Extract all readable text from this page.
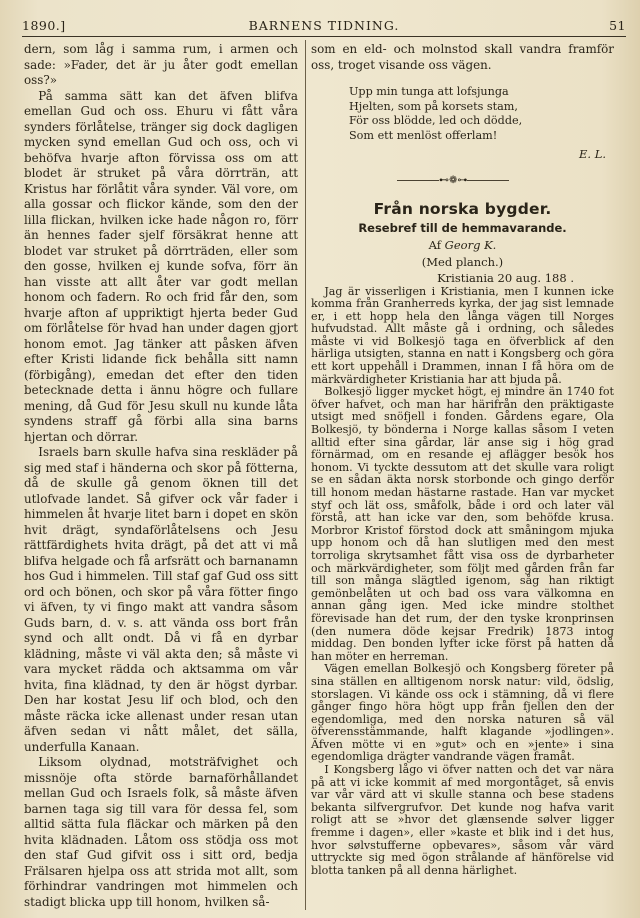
1890.]	BARNENS TIDNING.	51

dern, som låg i samma rum, i armen och sade: »Fader, det är ju åter godt emellan oss?»

På samma sätt kan det äfven blifva emellan Gud och oss. Ehuru vi fått våra synders förlåtelse, tränger sig dock dagligen mycken synd emellan Gud och oss, och vi behöfva hvarje afton förvissa oss om att blodet är struket på våra dörrträn, att Kristus har förlåtit våra synder. Väl vore, om alla gossar och flickor kände, som den der lilla flickan, hvilken icke hade någon ro, förr än hennes fader sjelf försäkrat henne att blodet var struket på dörrträden, eller som den gosse, hvilken ej kunde sofva, förr än han visste att allt åter var godt mellan honom och fadern. Ro och frid får den, som hvarje afton af uppriktigt hjerta beder Gud om förlåtelse för hvad han under dagen gjort honom emot. Jag tänker att påsken äfven efter Kristi lidande fick behålla sitt namn (förbigång), emedan det efter den tiden betecknade detta i ännu högre och fullare mening, då Gud för Jesu skull nu kunde låta syndens straff gå förbi alla sina barns hjertan och dörrar.

Israels barn skulle hafva sina reskläder på sig med staf i händerna och skor på fötterna, då de skulle gå genom öknen till det utlofvade landet. Så gifver ock vår fader i himmelen åt hvarje litet barn i dopet en skön hvit drägt, syndaförlåtelsens och Jesu rättfärdighets hvita drägt, på det att vi må blifva helgade och få arfsrätt och barnanamn hos Gud i himmelen. Till staf gaf Gud oss sitt ord och bönen, och skor på våra fötter fingo vi äfven, ty vi fingo makt att vandra såsom Guds barn, d. v. s. att vända oss bort från synd och allt ondt. Då vi få en dyrbar klädning, måste vi väl akta den; så måste vi vara mycket rädda och aktsamma om vår hvita, fina klädnad, ty den är högst dyrbar. Den har kostat Jesu lif och blod, och den måste räcka icke allenast under resan utan äfven sedan vi nått målet, det sälla, underfulla Kanaan.

Liksom olydnad, motsträfvighet och missnöje ofta störde barnaförhållandet mellan Gud och Israels folk, så måste äfven barnen taga sig till vara för dessa fel, som alltid sätta fula fläckar och märken på den hvita klädnaden. Låtom oss stödja oss mot den staf Gud gifvit oss i sitt ord, bedja Frälsaren hjelpa oss att strida mot allt, som förhindrar vandringen mot himmelen och stadigt blicka upp till honom, hvilken så-

som en eld- och molnstod skall vandra framför oss, troget visande oss vägen.

Upp min tunga att lofsjunga
Hjelten, som på korsets stam,
För oss blödde, led och dödde,
Som ett menlöst offerlam!
E. L.
⊷❁⊶
Från norska bygder.
Resebref till de hemmavarande.
Af Georg K.
(Med planch.)
Kristiania 20 aug. 188 .

Jag är visserligen i Kristiania, men I kunnen icke komma från Granherreds kyrka, der jag sist lemnade er, i ett hopp hela den långa vägen till Norges hufvudstad. Allt måste gå i ordning, och således måste vi vid Bolkesjö taga en öfverblick af den härliga utsigten, stanna en natt i Kongsberg och göra ett kort uppehåll i Drammen, innan I få höra om de märkvärdigheter Kristiania har att bjuda på.

Bolkesjö ligger mycket högt, ej mindre än 1740 fot öfver hafvet, och man har härifrån den präktigaste utsigt med snöfjell i fonden. Gårdens egare, Ola Bolkesjö, ty bönderna i Norge kallas såsom I veten alltid efter sina gårdar, lär anse sig i hög grad förnärmad, om en resande ej aflägger besök hos honom. Vi tyckte dessutom att det skulle vara roligt se en sådan äkta norsk storbonde och gingo derför till honom medan hästarne rastade. Han var mycket styf och lät oss, småfolk, både i ord och later väl förstå, att han icke var den, som behöfde krusa. Morbror Kristof förstod dock att småningom mjuka upp honom och då han slutligen med den mest torroliga skrytsamhet fått visa oss de dyrbarheter och märkvärdigheter, som följt med gården från far till son många slägtled igenom, såg han riktigt gemönbelåten ut och bad oss vara välkomna en annan gång igen. Med icke mindre stolthet förevisade han det rum, der den tyske kronprinsen (den numera döde kejsar Fredrik) 1873 intog middag. Den bonden lyfter icke först på hatten då han möter en herreman.

Vägen emellan Bolkesjö och Kongsberg företer på sina ställen en alltigenom norsk natur: vild, ödslig, storslagen. Vi kände oss ock i stämning, då vi flere gånger fingo höra högt upp från fjellen den der egendomliga, med den norska naturen så väl öfverensstämmande, halft klagande »jodlingen». Äfven mötte vi en »gut» och en »jente» i sina egendomliga drägter vandrande vägen framåt.

I Kongsberg lågo vi öfver natten och det var nära på att vi icke kommit af med morgontåget, så envis var vår värd att vi skulle stanna och bese stadens bekanta silfvergrufvor. Det kunde nog hafva varit roligt att se »hvor det glænsende sølver ligger fremme i dagen», eller »kaste et blik ind i det hus, hvor sølvstufferne opbevares», såsom vår värd uttryckte sig med ögon strålande af hänförelse vid blotta tanken på all denna härlighet.
